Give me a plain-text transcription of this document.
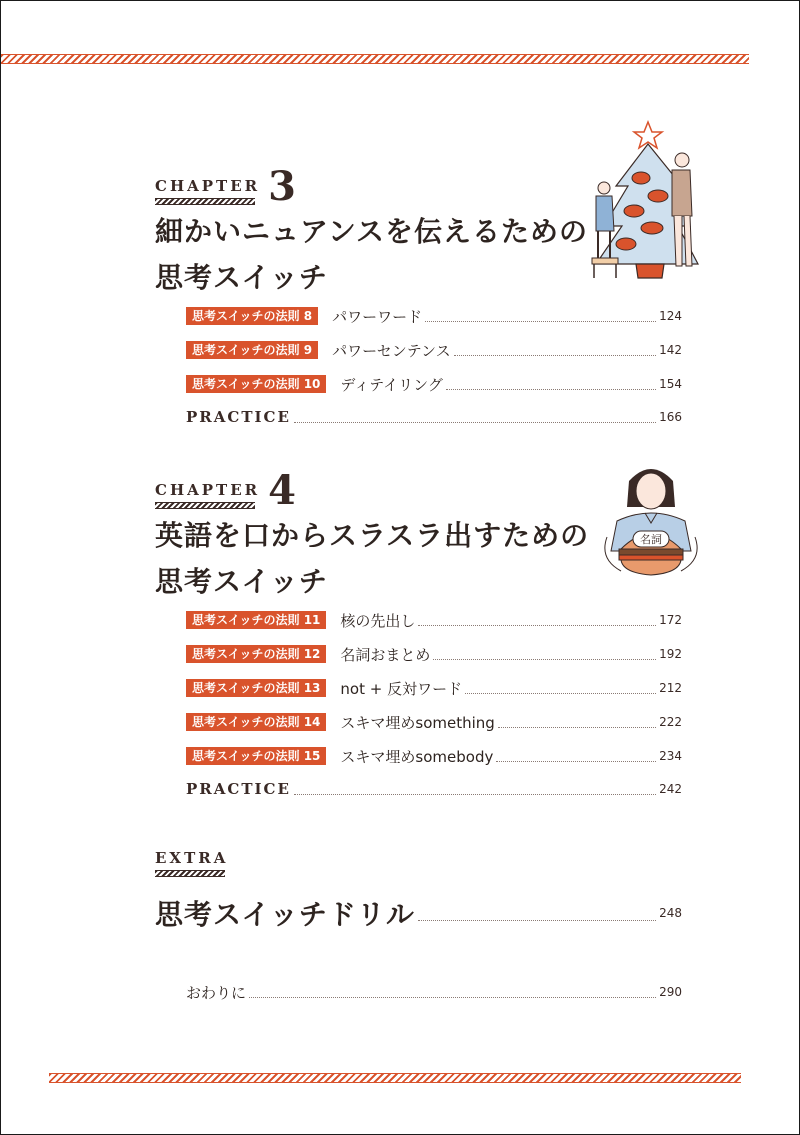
CHAPTER 3
細かいニュアンスを伝えるための
思考スイッチ
思考スイッチの法則 8	パワーワード	124
思考スイッチの法則 9	パワーセンテンス	142
思考スイッチの法則 10	ディテイリング	154
PRACTICE	166
CHAPTER 4
英語を口からスラスラ出すための
思考スイッチ
名詞
思考スイッチの法則 11	核の先出し	172
思考スイッチの法則 12	名詞おまとめ	192
思考スイッチの法則 13	not + 反対ワード	212
思考スイッチの法則 14	スキマ埋めsomething	222
思考スイッチの法則 15	スキマ埋めsomebody	234
PRACTICE	242
EXTRA
思考スイッチドリル	248
おわりに	290
